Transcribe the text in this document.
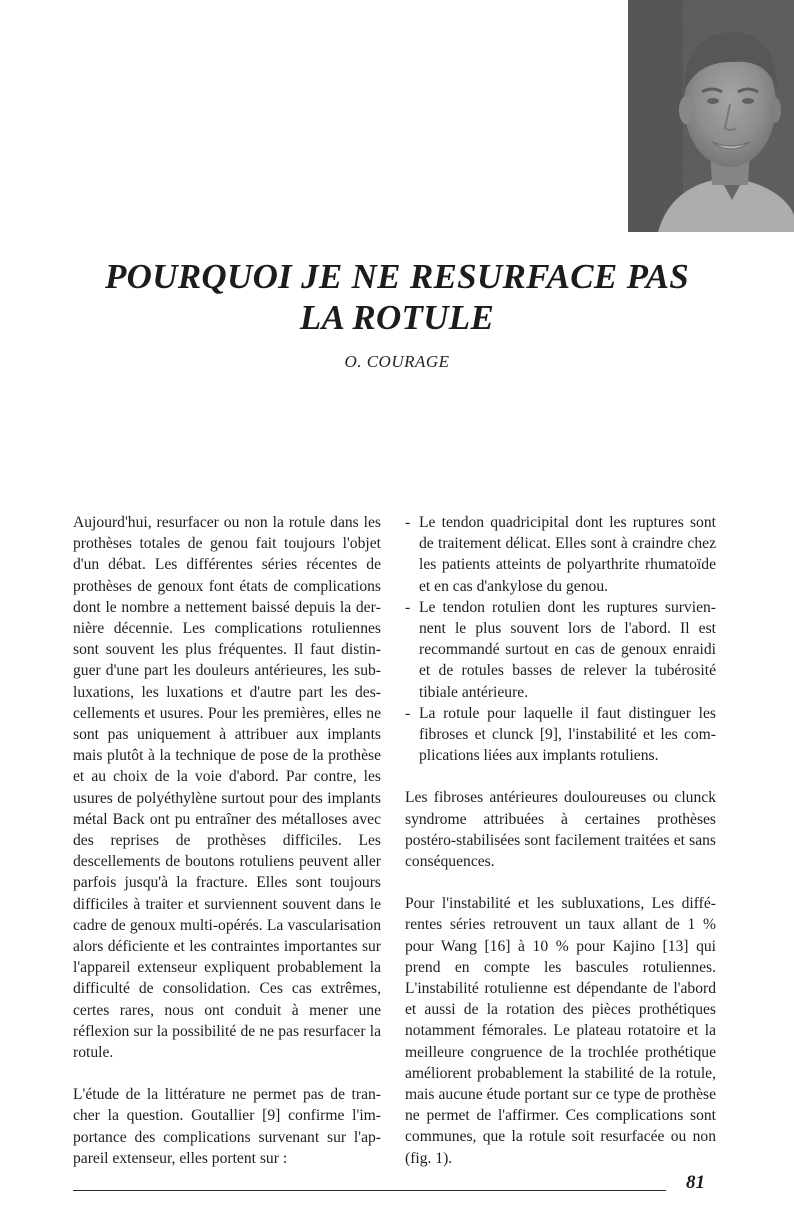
POURQUOI JE NE RESURFACE PAS
LA ROTULE
O. COURAGE

Aujourd'hui, resurfacer ou non la rotule dans les prothèses totales de genou fait toujours l'objet d'un débat. Les différentes séries récentes de prothèses de genoux font états de complications dont le nombre a nettement baissé depuis la dernière décennie. Les complications rotuliennes sont souvent les plus fréquentes. Il faut distinguer d'une part les douleurs antérieures, les subluxations, les luxations et d'autre part les descellements et usures. Pour les premières, elles ne sont pas uniquement à attribuer aux implants mais plutôt à la technique de pose de la prothèse et au choix de la voie d'abord. Par contre, les usures de polyéthylène surtout pour des implants métal Back ont pu entraîner des métalloses avec des reprises de prothèses difficiles. Les descellements de boutons rotuliens peuvent aller parfois jusqu'à la fracture. Elles sont toujours difficiles à traiter et surviennent souvent dans le cadre de genoux multi-opérés. La vascularisation alors déficiente et les contraintes importantes sur l'appareil extenseur expliquent probablement la difficulté de consolidation. Ces cas extrêmes, certes rares, nous ont conduit à mener une réflexion sur la possibilité de ne pas resurfacer la rotule.

L'étude de la littérature ne permet pas de trancher la question. Goutallier [9] confirme l'importance des complications survenant sur l'appareil extenseur, elles portent sur :

- Le tendon quadricipital dont les ruptures sont de traitement délicat. Elles sont à craindre chez les patients atteints de polyarthrite rhumatoïde et en cas d'ankylose du genou.
- Le tendon rotulien dont les ruptures surviennent le plus souvent lors de l'abord. Il est recommandé surtout en cas de genoux enraidi et de rotules basses de relever la tubérosité tibiale antérieure.
- La rotule pour laquelle il faut distinguer les fibroses et clunck [9], l'instabilité et les complications liées aux implants rotuliens.

Les fibroses antérieures douloureuses ou clunck syndrome attribuées à certaines prothèses postéro-stabilisées sont facilement traitées et sans conséquences.

Pour l'instabilité et les subluxations, Les différentes séries retrouvent un taux allant de 1 % pour Wang [16] à 10 % pour Kajino [13] qui prend en compte les bascules rotuliennes. L'instabilité rotulienne est dépendante de l'abord et aussi de la rotation des pièces prothétiques notamment fémorales. Le plateau rotatoire et la meilleure congruence de la trochlée prothétique améliorent probablement la stabilité de la rotule, mais aucune étude portant sur ce type de prothèse ne permet de l'affirmer. Ces complications sont communes, que la rotule soit resurfacée ou non (fig. 1).

81
